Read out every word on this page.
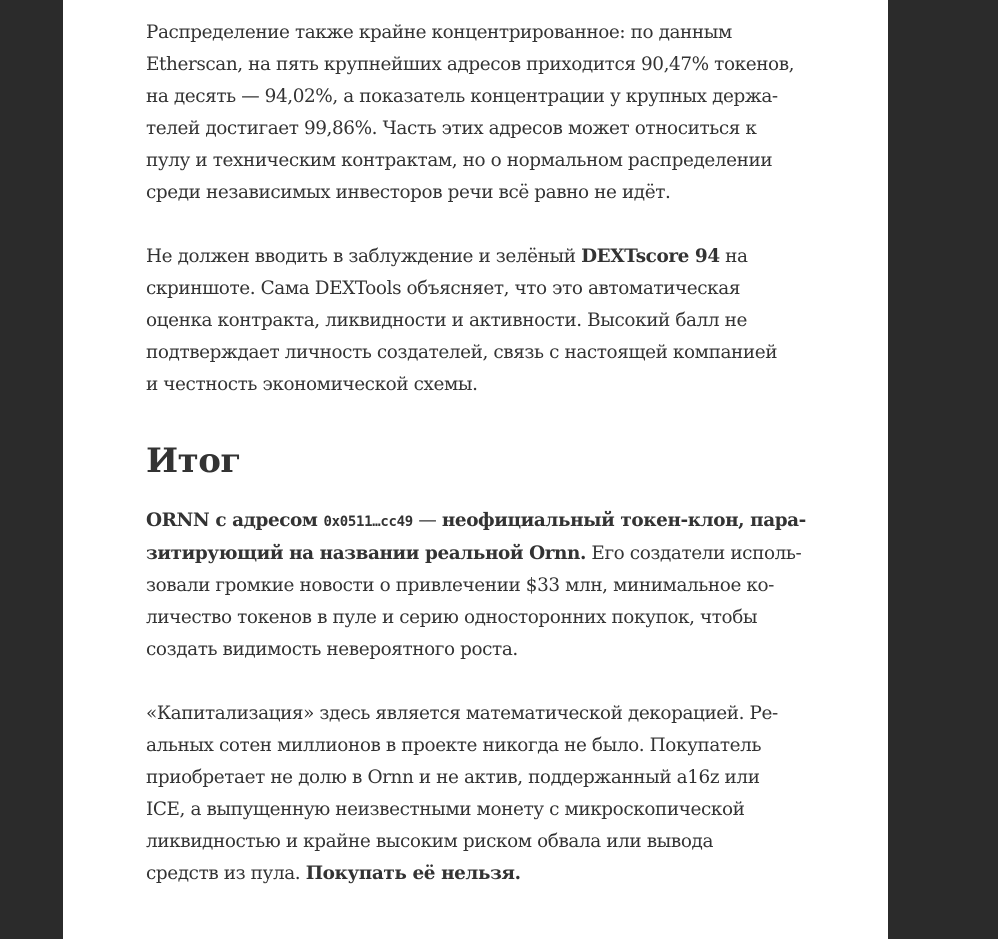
Распределение также крайне концентрированное: по данным
Etherscan, на пять крупнейших адресов приходится 90,47% токенов,
на десять — 94,02%, а показатель концентрации у крупных держа-
телей достигает 99,86%. Часть этих адресов может относиться к
пулу и техническим контрактам, но о нормальном распределении
среди независимых инвесторов речи всё равно не идёт.

Не должен вводить в заблуждение и зелёный DEXTscore 94 на
скриншоте. Сама DEXTools объясняет, что это автоматическая
оценка контракта, ликвидности и активности. Высокий балл не
подтверждает личность создателей, связь с настоящей компанией
и честность экономической схемы.

Итог

ORNN с адресом 0x0511…cc49 — неофициальный токен-клон, пара-
зитирующий на названии реальной Ornn. Его создатели исполь-
зовали громкие новости о привлечении $33 млн, минимальное ко-
личество токенов в пуле и серию односторонних покупок, чтобы
создать видимость невероятного роста.

«Капитализация» здесь является математической декорацией. Ре-
альных сотен миллионов в проекте никогда не было. Покупатель
приобретает не долю в Ornn и не актив, поддержанный a16z или
ICE, а выпущенную неизвестными монету с микроскопической
ликвидностью и крайне высоким риском обвала или вывода
средств из пула. Покупать её нельзя.
